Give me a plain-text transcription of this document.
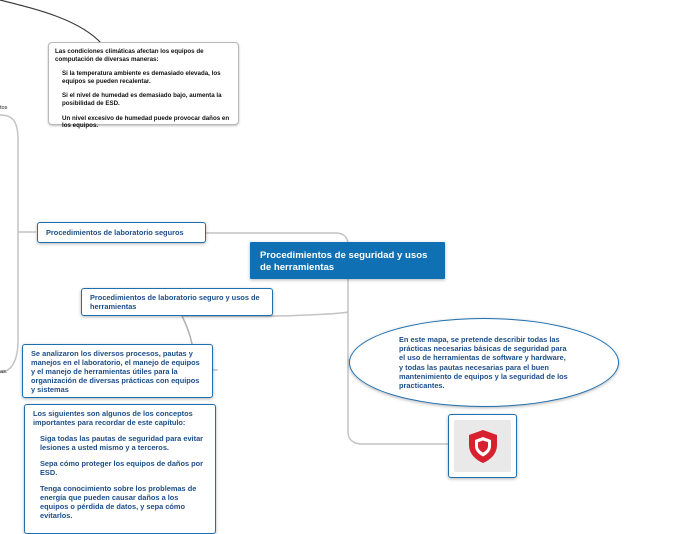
tos
as.

Las condiciones climáticas afectan los equipos de computación de diversas maneras:

Si la temperatura ambiente es demasiado elevada, los equipos se pueden recalentar.

Si el nivel de humedad es demasiado bajo, aumenta la posibilidad de ESD.

Un nivel excesivo de humedad puede provocar daños en los equipos.

Procedimientos de laboratorio seguros
Procedimientos de seguridad y usos de herramientas
Procedimientos de laboratorio seguro y usos de herramientas
En este mapa, se pretende describir todas las prácticas necesarias básicas de seguridad para el uso de herramientas de software y hardware, y todas las pautas necesarias para el buen mantenimiento de equipos y la seguridad de los practicantes.
Se analizaron los diversos procesos, pautas y manejos en el laboratorio, el manejo de equipos y el manejo de herramientas útiles para la organización de diversas prácticas con equipos y sistemas

Los siguientes son algunos de los conceptos importantes para recordar de este capítulo:

Siga todas las pautas de seguridad para evitar lesiones a usted mismo y a terceros.

Sepa cómo proteger los equipos de daños por ESD.

Tenga conocimiento sobre los problemas de energía que pueden causar daños a los equipos o pérdida de datos, y sepa cómo evitarlos.
